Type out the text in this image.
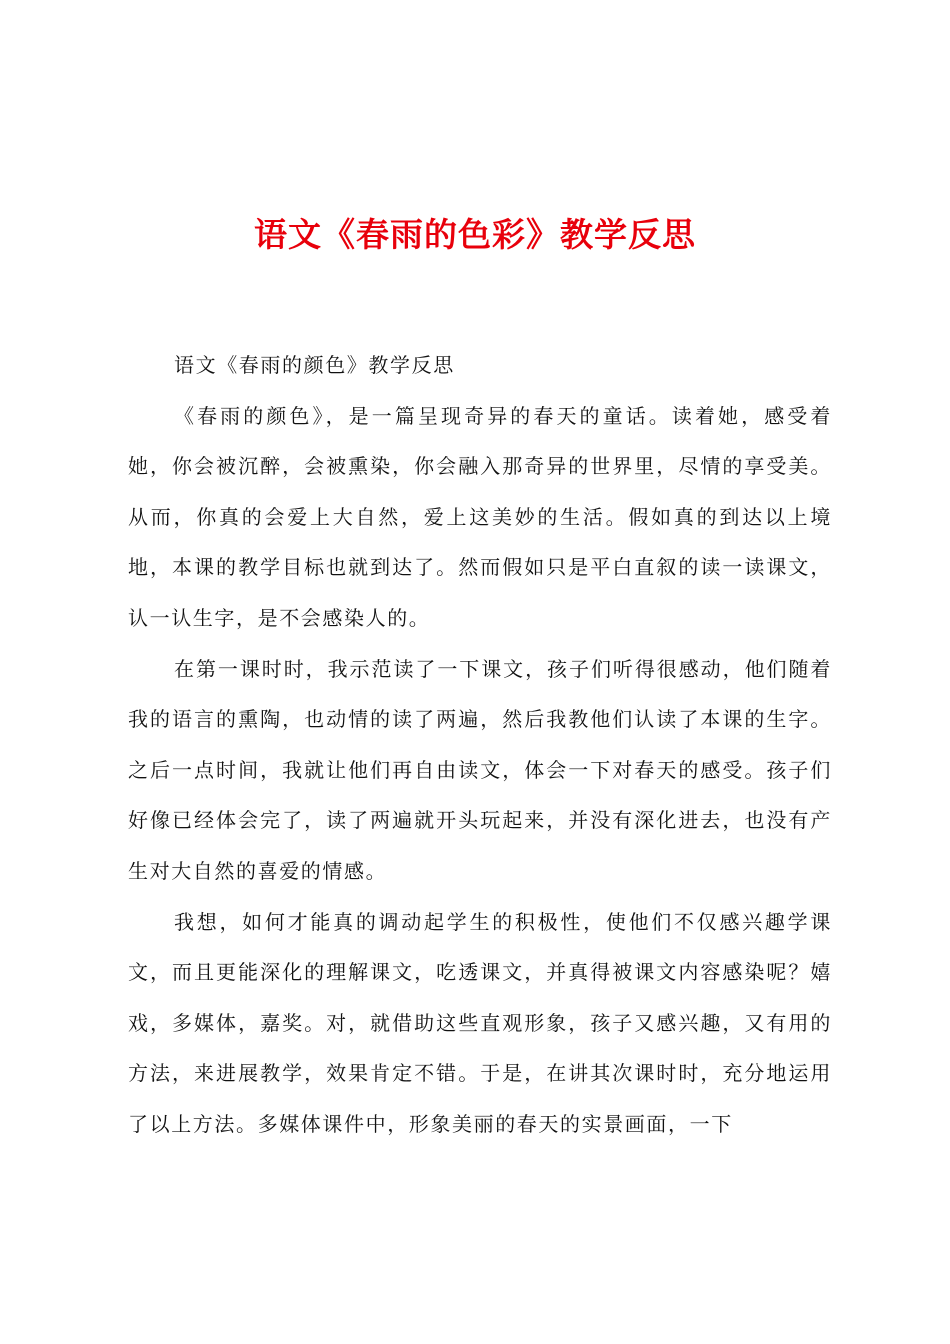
语文《春雨的色彩》教学反思

语文《春雨的颜色》教学反思

《春雨的颜色》，是一篇呈现奇异的春天的童话。读着她，感受着她，你会被沉醉，会被熏染，你会融入那奇异的世界里，尽情的享受美。从而，你真的会爱上大自然，爱上这美妙的生活。假如真的到达以上境地，本课的教学目标也就到达了。然而假如只是平白直叙的读一读课文，认一认生字，是不会感染人的。

在第一课时时，我示范读了一下课文，孩子们听得很感动，他们随着我的语言的熏陶，也动情的读了两遍，然后我教他们认读了本课的生字。之后一点时间，我就让他们再自由读文，体会一下对春天的感受。孩子们好像已经体会完了，读了两遍就开头玩起来，并没有深化进去，也没有产生对大自然的喜爱的情感。

我想，如何才能真的调动起学生的积极性，使他们不仅感兴趣学课文，而且更能深化的理解课文，吃透课文，并真得被课文内容感染呢？嬉戏，多媒体，嘉奖。对，就借助这些直观形象，孩子又感兴趣，又有用的方法，来进展教学，效果肯定不错。于是，在讲其次课时时，充分地运用了以上方法。多媒体课件中，形象美丽的春天的实景画面，一下
